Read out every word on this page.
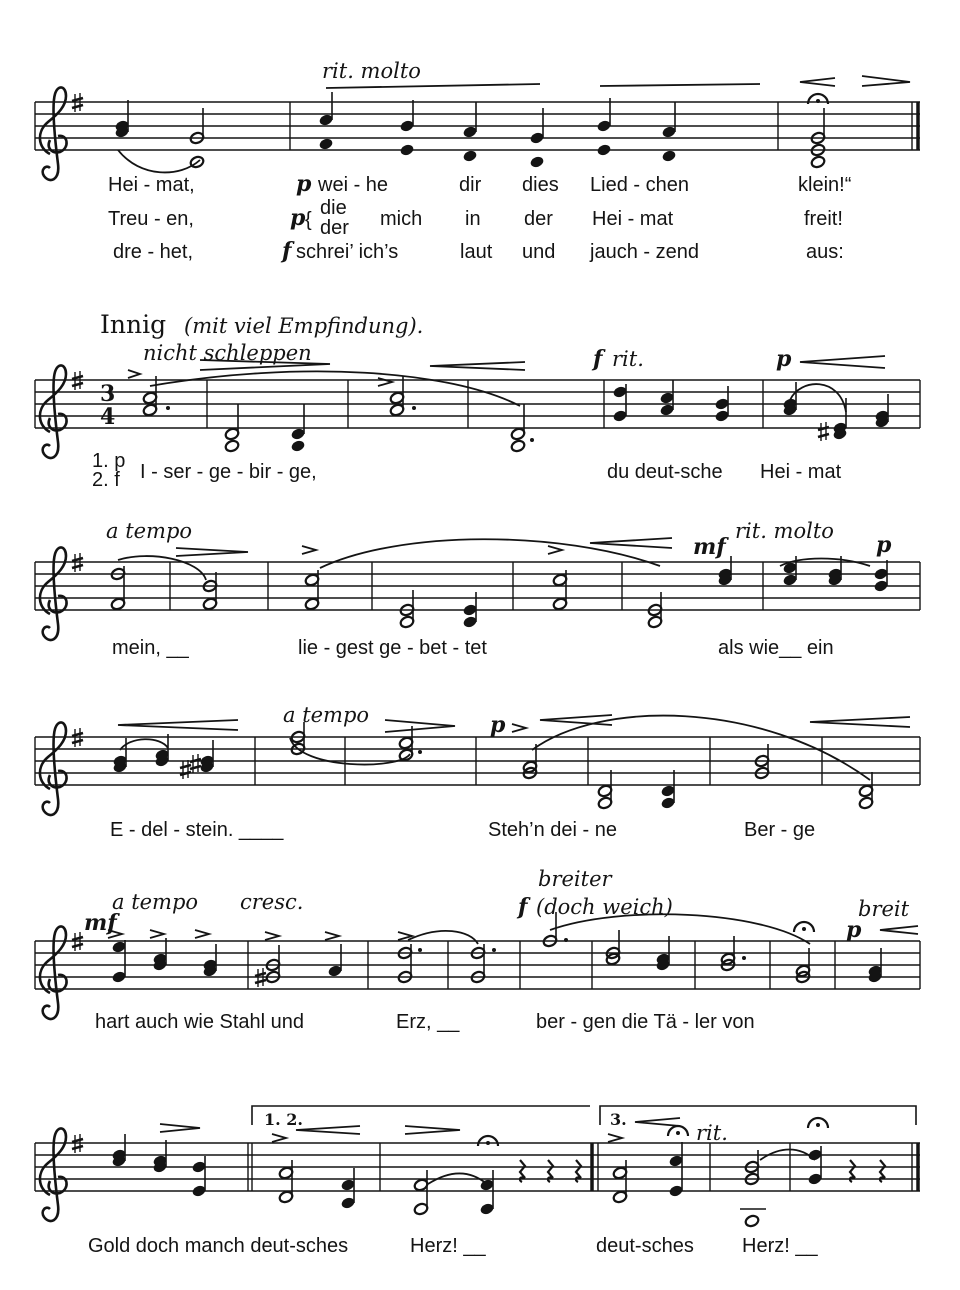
rit. molto
Hei - mat,	p wei - he	dir dies Lied - chen	klein!“
Treu - en,	p {
die
der mich in der Hei - mat	freit!
dre - het,	f schrei’ ich’s	laut und jauch - zend	aus:
Innig (mit viel Empfindung).
3
4
nicht schleppen	f rit.	p
1. p
2. f I - ser - ge - bir - ge,	du deut-sche Hei - mat
a tempo
mf
rit. molto
p
mein, __	lie - gest ge - bet - tet	als wie__ ein
a tempo	p
E - del - stein. ____	Steh’n dei - ne	Ber - ge
a tempo cresc.
breiter
f (doch weich)	breit
mf	p
hart auch wie Stahl und	Erz, __	ber - gen die Tä - ler von
1. 2.	3.
rit.
Gold doch manch deut-sches	Herz! __	deut-sches Herz! __
